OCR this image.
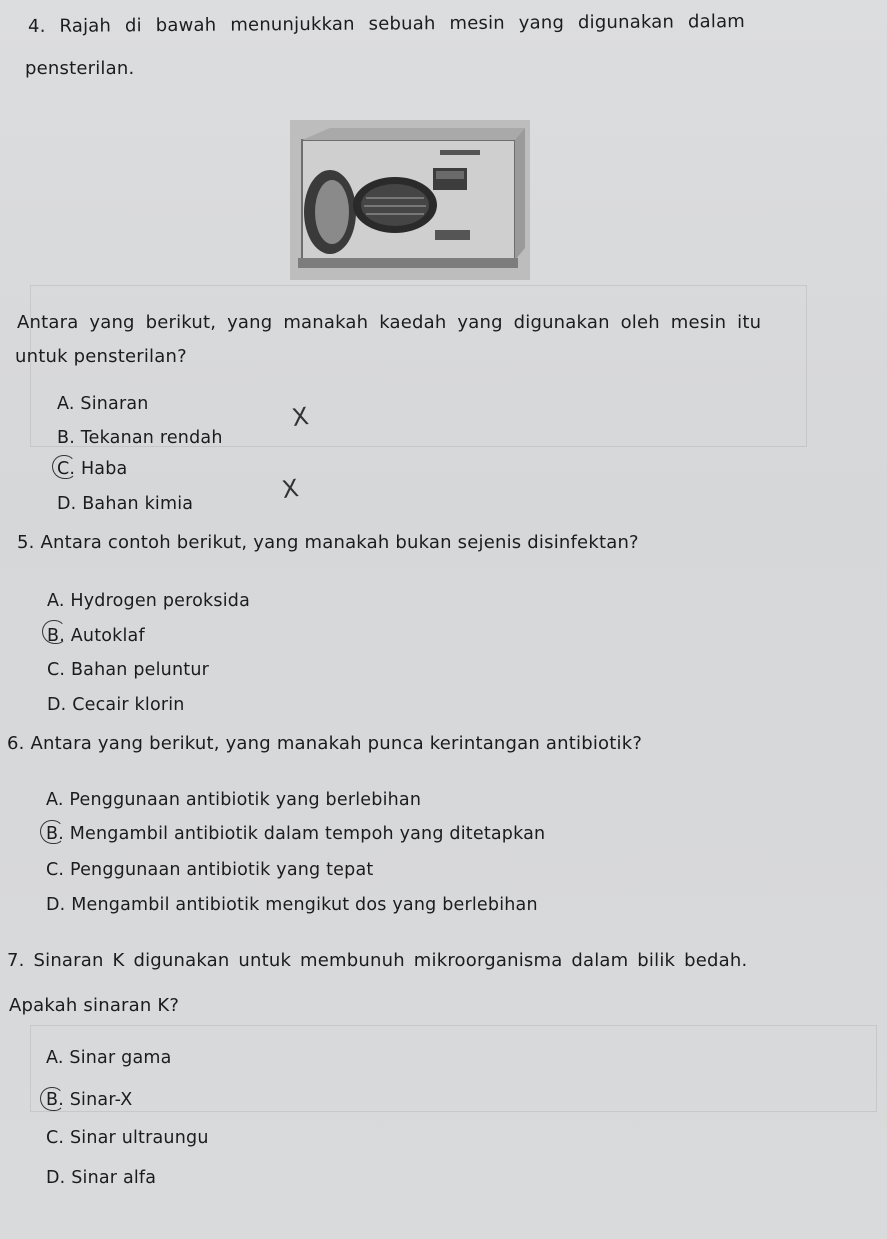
4. Rajah di bawah menunjukkan sebuah mesin yang digunakan dalam
pensterilan.
Antara yang berikut, yang manakah kaedah yang digunakan oleh mesin itu
untuk pensterilan?
A. Sinaran
B. Tekanan rendah
C. Haba
D. Bahan kimia
X
X
5. Antara contoh berikut, yang manakah bukan sejenis disinfektan?
A. Hydrogen peroksida
B. Autoklaf
C. Bahan peluntur
D. Cecair klorin
6. Antara yang berikut, yang manakah punca kerintangan antibiotik?
A. Penggunaan antibiotik yang berlebihan
B. Mengambil antibiotik dalam tempoh yang ditetapkan
C. Penggunaan antibiotik yang tepat
D. Mengambil antibiotik mengikut dos yang berlebihan
7. Sinaran K digunakan untuk membunuh mikroorganisma dalam bilik bedah.
Apakah sinaran K?
A. Sinar gama
B. Sinar-X
C. Sinar ultraungu
D. Sinar alfa
